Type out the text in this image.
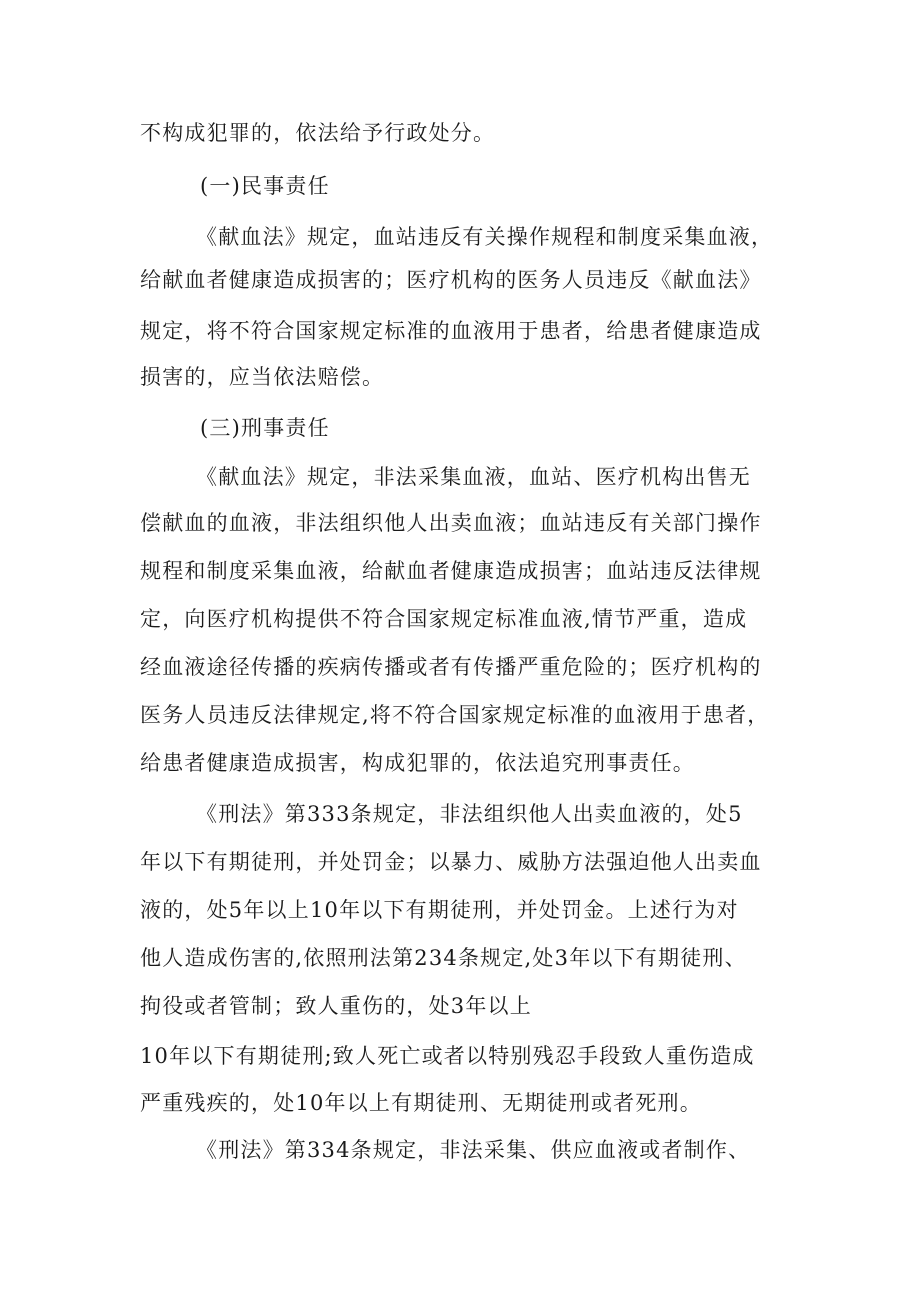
不构成犯罪的，依法给予行政处分。
(一)民事责任
《献血法》规定，血站违反有关操作规程和制度采集血液，
给献血者健康造成损害的；医疗机构的医务人员违反《献血法》
规定，将不符合国家规定标准的血液用于患者，给患者健康造成
损害的，应当依法赔偿。
(三)刑事责任
《献血法》规定，非法采集血液，血站、医疗机构出售无
偿献血的血液，非法组织他人出卖血液；血站违反有关部门操作
规程和制度采集血液，给献血者健康造成损害；血站违反法律规
定，向医疗机构提供不符合国家规定标准血液,情节严重，造成
经血液途径传播的疾病传播或者有传播严重危险的；医疗机构的
医务人员违反法律规定,将不符合国家规定标准的血液用于患者，
给患者健康造成损害，构成犯罪的，依法追究刑事责任。
《刑法》第333条规定，非法组织他人出卖血液的，处5
年以下有期徒刑，并处罚金；以暴力、威胁方法强迫他人出卖血
液的，处5年以上10年以下有期徒刑，并处罚金。上述行为对
他人造成伤害的,依照刑法第234条规定,处3年以下有期徒刑、
拘役或者管制；致人重伤的，处3年以上
10年以下有期徒刑;致人死亡或者以特别残忍手段致人重伤造成
严重残疾的，处10年以上有期徒刑、无期徒刑或者死刑。
《刑法》第334条规定，非法采集、供应血液或者制作、
